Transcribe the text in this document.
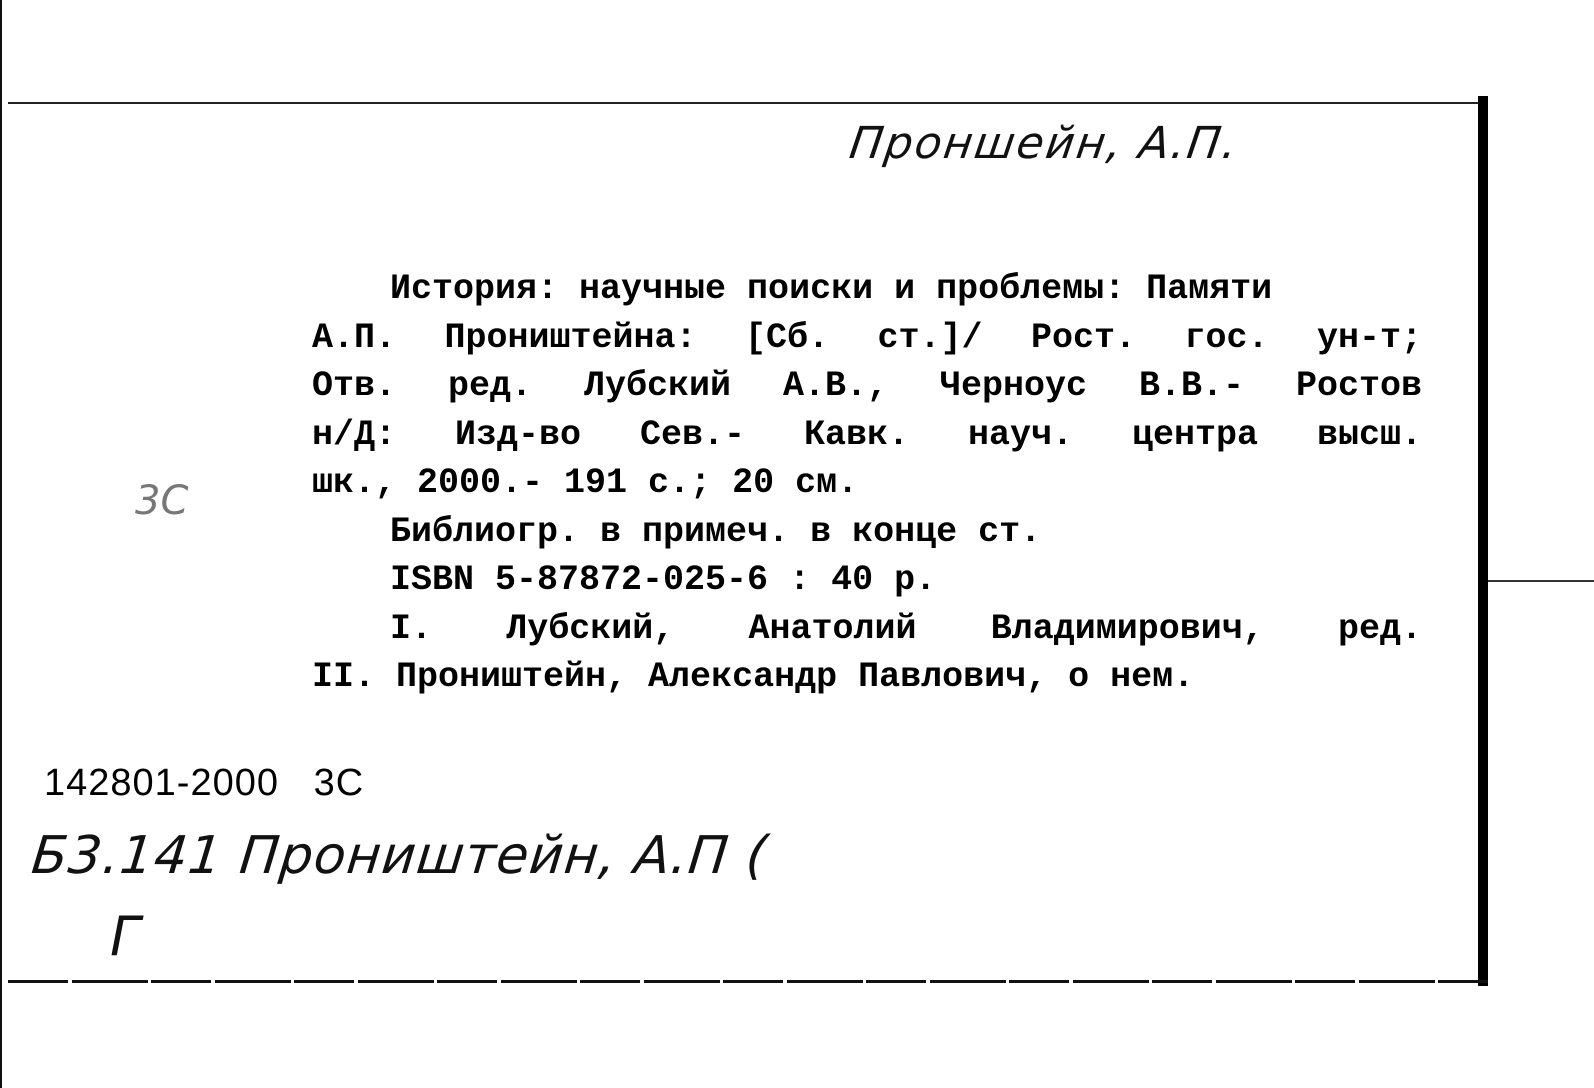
Проншейн, А.П.
3С
История: научные поиски и проблемы: Памяти
А.П. Проништейна: [Сб. ст.]/ Рост. гос. ун-т;
Отв. ред. Лубский А.В., Черноус В.В.- Ростов
н/Д: Изд-во Сев.- Кавк. науч. центра высш.
шк., 2000.- 191 с.; 20 см.
Библиогр. в примеч. в конце ст.
ISBN 5-87872-025-6 : 40 р.
I. Лубский, Анатолий Владимирович, ред.
II. Проништейн, Александр Павлович, о нем.
142801-2000   3С
Б3.141 Проништейн, А.П (
Г
